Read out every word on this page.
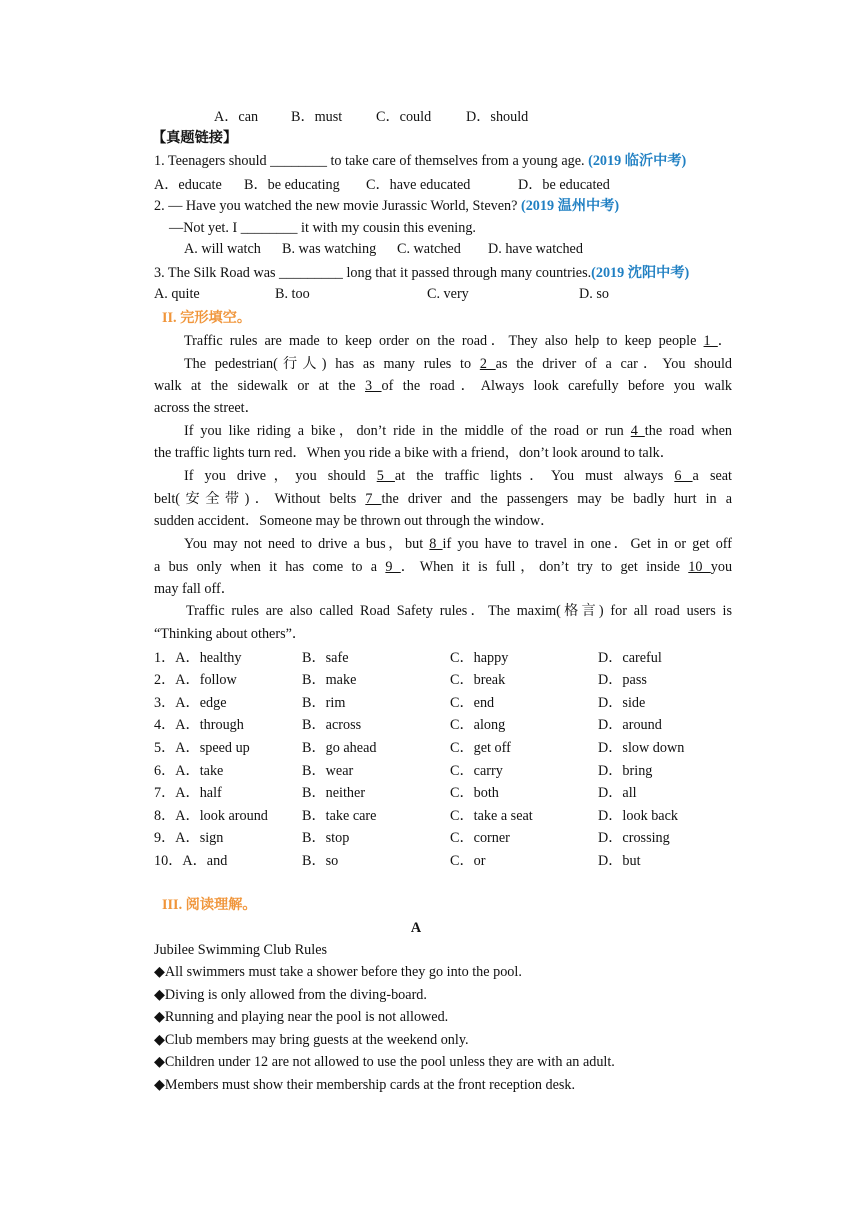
A．can B．must C．could D．should
【真题链接】
1. Teenagers should ________ to take care of themselves from a young age. (2019 临沂中考)
A．educate B．be educating C．have educated	D．be educated
2. — Have you watched the new movie Jurassic World, Steven? (2019 温州中考)
—Not yet. I ________ it with my cousin this evening.
A. will watch B. was watching C. watched D. have watched
3. The Silk Road was _________ long that it passed through many countries.(2019 沈阳中考)
A. quite	B. too	C. very	D. so
II. 完形填空。
Traffic rules are made to keep order on the road．They also help to keep people 1 ．
The pedestrian(行人) has as many rules to 2 as the driver of a car．You should
walk at the sidewalk or at the 3 of the road．Always look carefully before you walk
across the street．
If you like riding a bike，don’t ride in the middle of the road or run 4 the road when
the traffic lights turn red．When you ride a bike with a friend，don’t look around to talk．
If you drive，you should 5 at the traffic lights．You must always 6 a seat
belt(安全带)．Without belts 7 the driver and the passengers may be badly hurt in a
sudden accident．Someone may be thrown out through the window．
You may not need to drive a bus，but 8 if you have to travel in one．Get in or get off
a bus only when it has come to a 9 ．When it is full，don’t try to get inside 10 you
may fall off．
Traffic rules are also called Road Safety rules．The maxim(格言) for all road users is
“Thinking about others”．
1．A．healthy	B．safe	C．happy	D．careful
2．A．follow	B．make	C．break	D．pass
3．A．edge	B．rim	C．end	D．side
4．A．through	B．across	C．along	D．around
5．A．speed up	B．go ahead	C．get off	D．slow down
6．A．take	B．wear	C．carry	D．bring
7．A．half	B．neither	C．both	D．all
8．A．look around B．take care	C．take a seat	D．look back
9．A．sign	B．stop	C．corner	D．crossing
10．A．and	B．so	C．or	D．but
III. 阅读理解。
A
Jubilee Swimming Club Rules
◆All swimmers must take a shower before they go into the pool.
◆Diving is only allowed from the diving-board.
◆Running and playing near the pool is not allowed.
◆Club members may bring guests at the weekend only.
◆Children under 12 are not allowed to use the pool unless they are with an adult.
◆Members must show their membership cards at the front reception desk.
